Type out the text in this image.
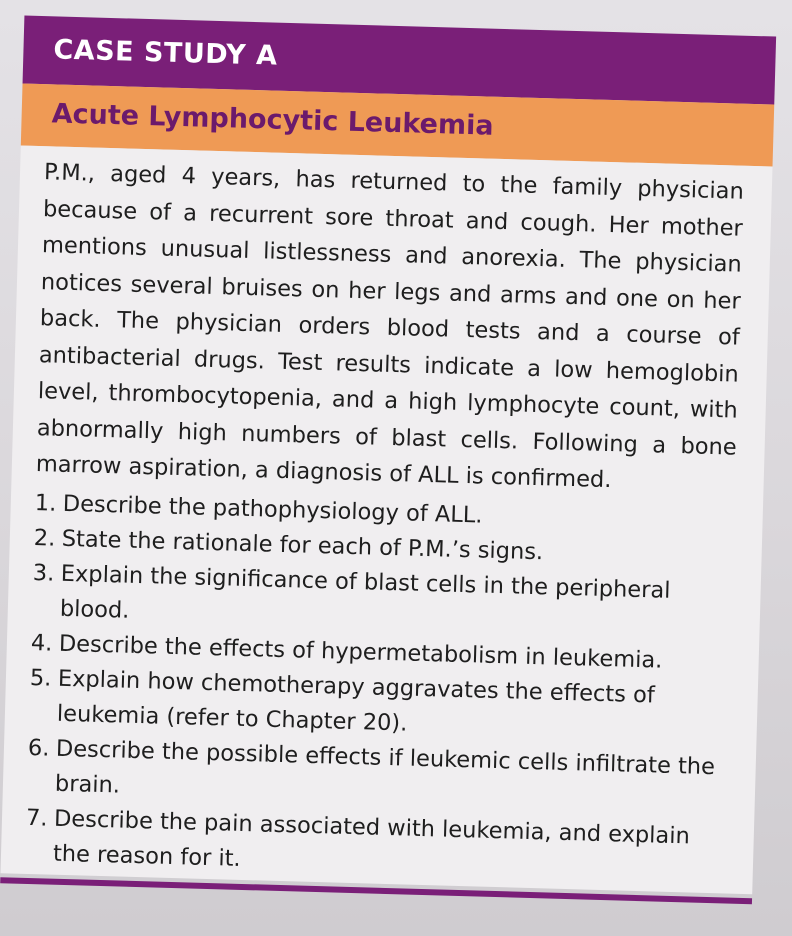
CASE STUDY A
Acute Lymphocytic Leukemia
P.M., aged 4 years, has returned to the family physician because of a recurrent sore throat and cough. Her mother mentions unusual listlessness and anorexia. The physician notices several bruises on her legs and arms and one on her back. The physician orders blood tests and a course of antibacterial drugs. Test results indicate a low hemoglobin level, thrombocytopenia, and a high lymphocyte count, with abnormally high numbers of blast cells. Following a bone marrow aspiration, a diagnosis of ALL is confirmed.
1. Describe the pathophysiology of ALL.
2. State the rationale for each of P.M.’s signs.
3. Explain the significance of blast cells in the peripheral blood.
4. Describe the effects of hypermetabolism in leukemia.
5. Explain how chemotherapy aggravates the effects of leukemia (refer to Chapter 20).
6. Describe the possible effects if leukemic cells infiltrate the brain.
7. Describe the pain associated with leukemia, and explain the reason for it.
